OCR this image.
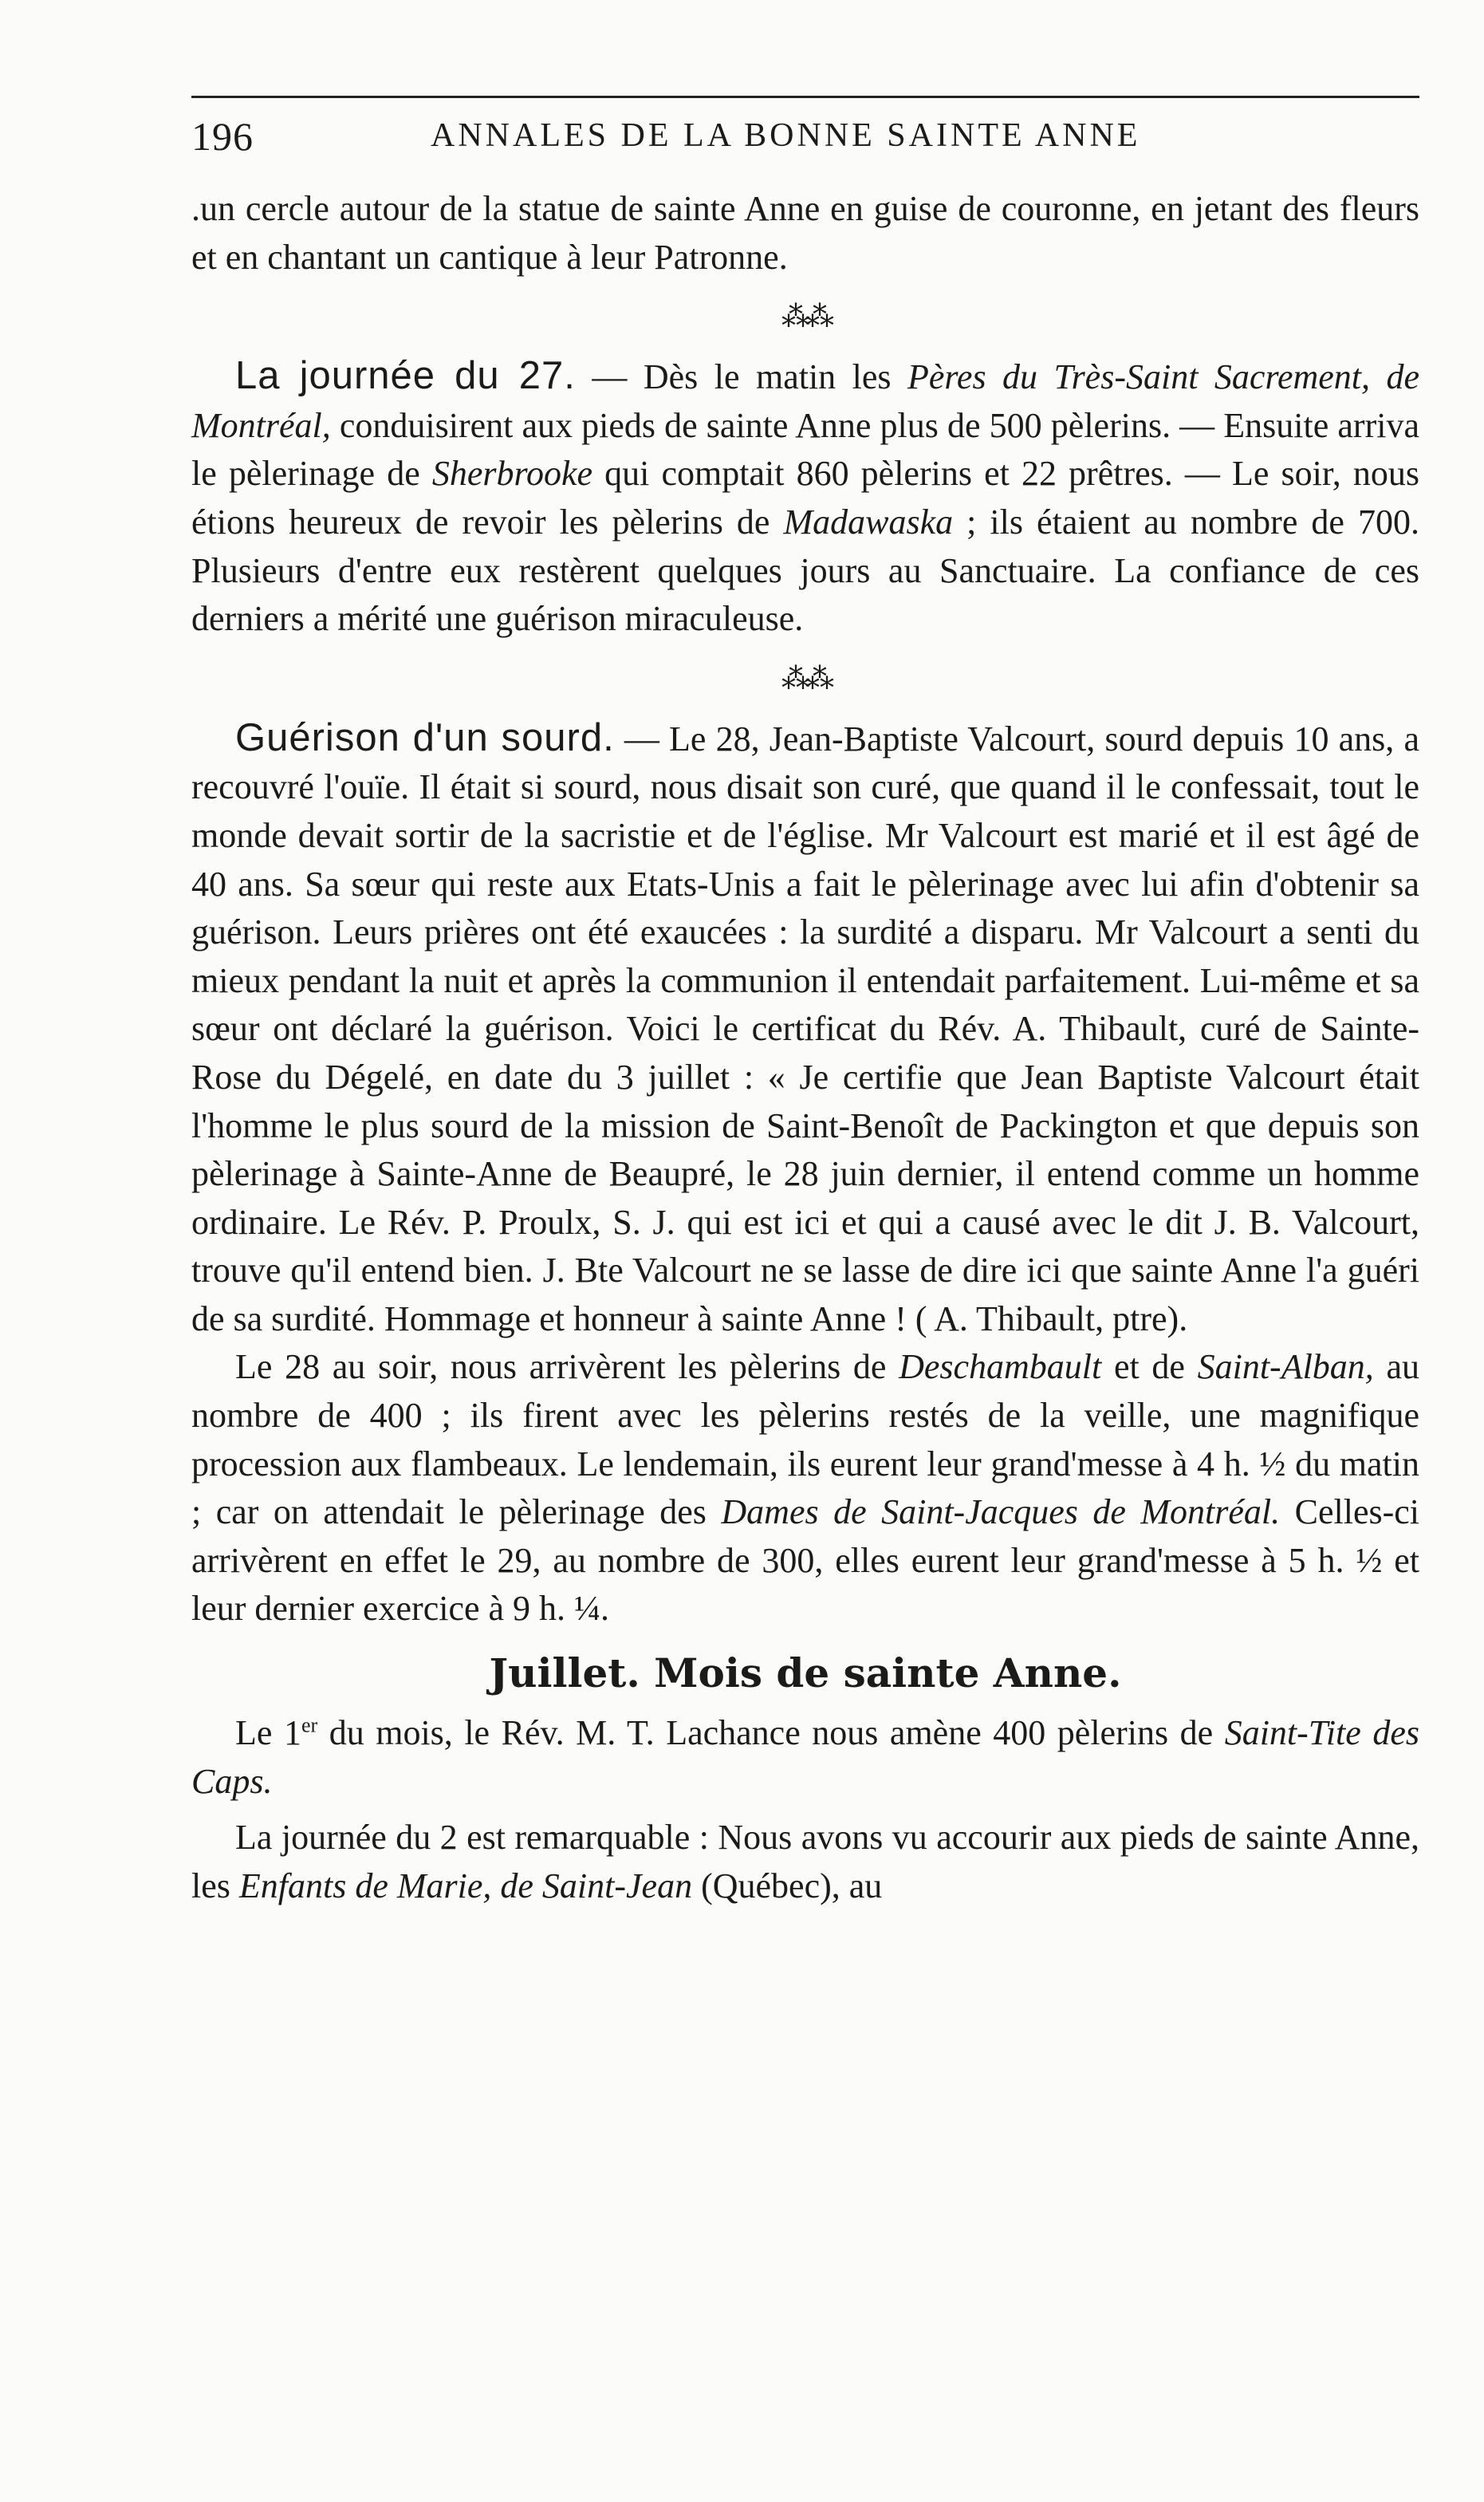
196	ANNALES DE LA BONNE SAINTE ANNE

.un cercle autour de la statue de sainte Anne en guise de couronne, en jetant des fleurs et en chantant un cantique à leur Patronne.

⁂⁂

La journée du 27. — Dès le matin les Pères du Très-Saint Sacrement, de Montréal, conduisirent aux pieds de sainte Anne plus de 500 pèlerins. — Ensuite arriva le pèlerinage de Sherbrooke qui comptait 860 pèlerins et 22 prêtres. — Le soir, nous étions heureux de revoir les pèlerins de Madawaska ; ils étaient au nombre de 700. Plusieurs d'entre eux restèrent quelques jours au Sanctuaire. La confiance de ces derniers a mérité une guérison miraculeuse.

⁂⁂

Guérison d'un sourd. — Le 28, Jean-Baptiste Valcourt, sourd depuis 10 ans, a recouvré l'ouïe. Il était si sourd, nous disait son curé, que quand il le confessait, tout le monde devait sortir de la sacristie et de l'église. Mr Valcourt est marié et il est âgé de 40 ans. Sa sœur qui reste aux Etats-Unis a fait le pèlerinage avec lui afin d'obtenir sa guérison. Leurs prières ont été exaucées : la surdité a disparu. Mr Valcourt a senti du mieux pendant la nuit et après la communion il entendait parfaitement. Lui-même et sa sœur ont déclaré la guérison. Voici le certificat du Rév. A. Thibault, curé de Sainte-Rose du Dégelé, en date du 3 juillet : « Je certifie que Jean Baptiste Valcourt était l'homme le plus sourd de la mission de Saint-Benoît de Packington et que depuis son pèlerinage à Sainte-Anne de Beaupré, le 28 juin dernier, il entend comme un homme ordinaire. Le Rév. P. Proulx, S. J. qui est ici et qui a causé avec le dit J. B. Valcourt, trouve qu'il entend bien. J. Bte Valcourt ne se lasse de dire ici que sainte Anne l'a guéri de sa surdité. Hommage et honneur à sainte Anne ! ( A. Thibault, ptre).

Le 28 au soir, nous arrivèrent les pèlerins de Deschambault et de Saint-Alban, au nombre de 400 ; ils firent avec les pèlerins restés de la veille, une magnifique procession aux flambeaux. Le lendemain, ils eurent leur grand'messe à 4 h. ½ du matin ; car on attendait le pèlerinage des Dames de Saint-Jacques de Montréal. Celles-ci arrivèrent en effet le 29, au nombre de 300, elles eurent leur grand'messe à 5 h. ½ et leur dernier exercice à 9 h. ¼.

Juillet. Mois de sainte Anne.

Le 1er du mois, le Rév. M. T. Lachance nous amène 400 pèlerins de Saint-Tite des Caps.

La journée du 2 est remarquable : Nous avons vu accourir aux pieds de sainte Anne, les Enfants de Marie, de Saint-Jean (Québec), au
